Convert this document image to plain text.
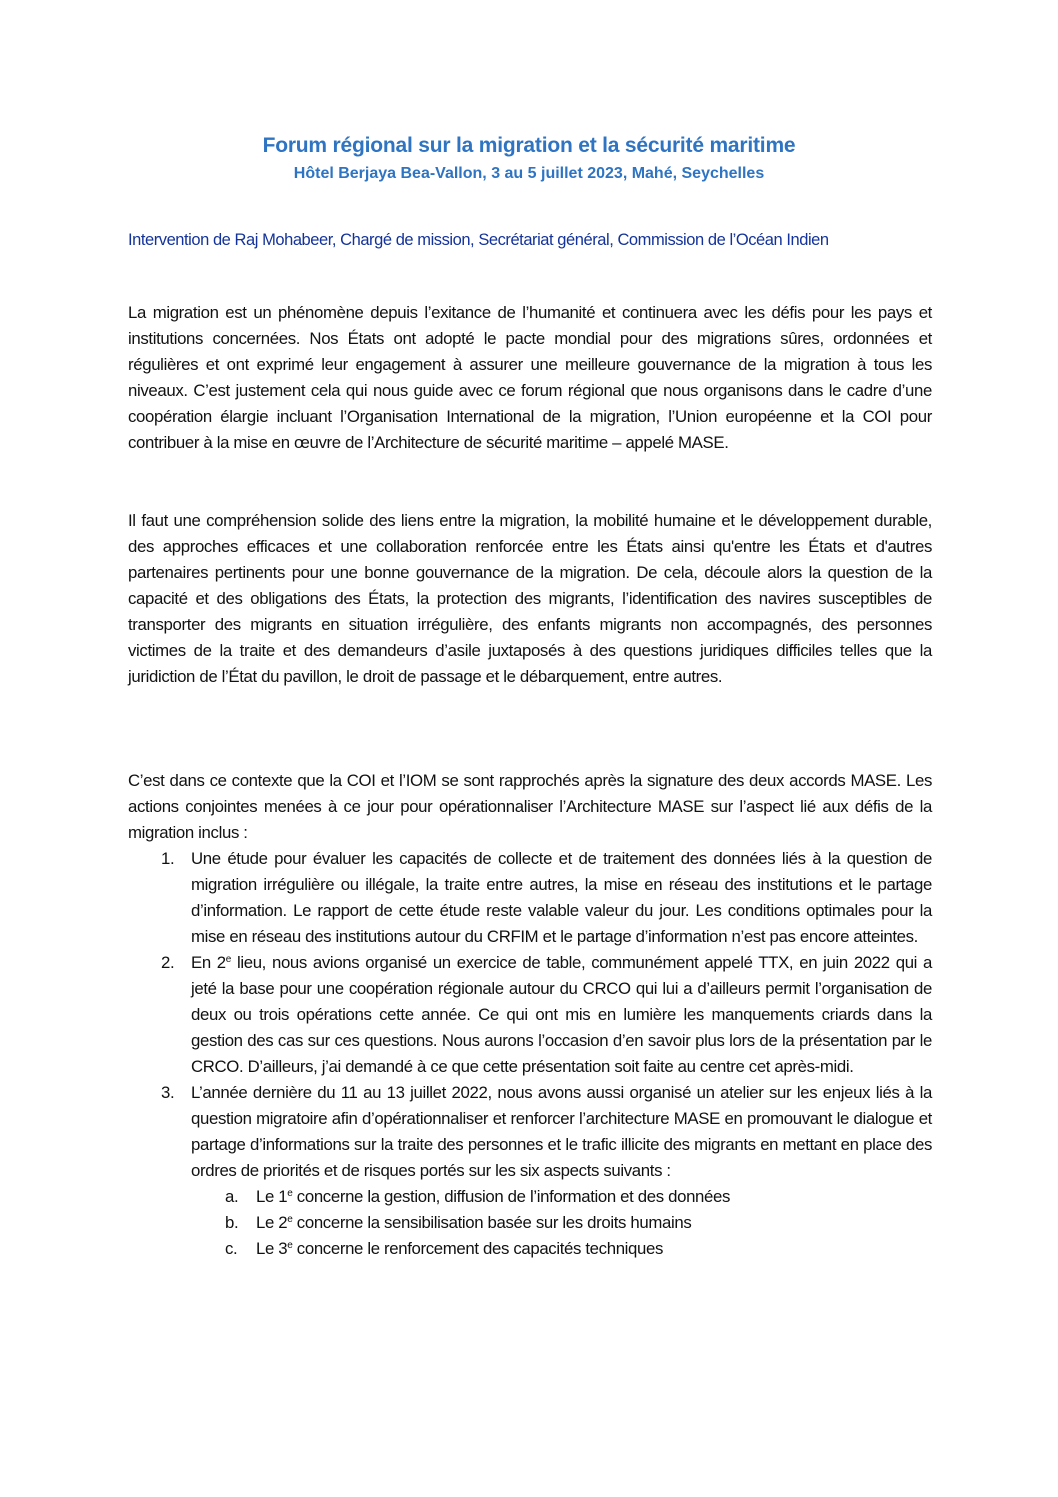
Forum régional sur la migration et la sécurité maritime
Hôtel Berjaya Bea-Vallon, 3 au 5 juillet 2023, Mahé, Seychelles
Intervention de Raj Mohabeer, Chargé de mission, Secrétariat général, Commission de l’Océan Indien

La migration est un phénomène depuis l’exitance de l’humanité et continuera avec les défis pour les pays et institutions concernées. Nos États ont adopté le pacte mondial pour des migrations sûres, ordonnées et régulières et ont exprimé leur engagement à assurer une meilleure gouvernance de la migration à tous les niveaux. C’est justement cela qui nous guide avec ce forum régional que nous organisons dans le cadre d’une coopération élargie incluant l’Organisation International de la migration, l’Union européenne et la COI pour contribuer à la mise en œuvre de l’Architecture de sécurité maritime – appelé MASE.

Il faut une compréhension solide des liens entre la migration, la mobilité humaine et le développement durable, des approches efficaces et une collaboration renforcée entre les États ainsi qu'entre les États et d'autres partenaires pertinents pour une bonne gouvernance de la migration. De cela, découle alors la question de la capacité et des obligations des États, la protection des migrants, l’identification des navires susceptibles de transporter des migrants en situation irrégulière, des enfants migrants non accompagnés, des personnes victimes de la traite et des demandeurs d’asile juxtaposés à des questions juridiques difficiles telles que la juridiction de l’État du pavillon, le droit de passage et le débarquement, entre autres.

C’est dans ce contexte que la COI et l’IOM se sont rapprochés après la signature des deux accords MASE. Les actions conjointes menées à ce jour pour opérationnaliser l’Architecture MASE sur l’aspect lié aux défis de la migration inclus :

1. Une étude pour évaluer les capacités de collecte et de traitement des données liés à la question de migration irrégulière ou illégale, la traite entre autres, la mise en réseau des institutions et le partage d’information. Le rapport de cette étude reste valable valeur du jour. Les conditions optimales pour la mise en réseau des institutions autour du CRFIM et le partage d’information n’est pas encore atteintes.
2. En 2e lieu, nous avions organisé un exercice de table, communément appelé TTX, en juin 2022 qui a jeté la base pour une coopération régionale autour du CRCO qui lui a d’ailleurs permit l’organisation de deux ou trois opérations cette année. Ce qui ont mis en lumière les manquements criards dans la gestion des cas sur ces questions. Nous aurons l’occasion d’en savoir plus lors de la présentation par le CRCO. D’ailleurs, j’ai demandé à ce que cette présentation soit faite au centre cet après-midi.
3. L’année dernière du 11 au 13 juillet 2022, nous avons aussi organisé un atelier sur les enjeux liés à la question migratoire afin d’opérationnaliser et renforcer l’architecture MASE en promouvant le dialogue et partage d’informations sur la traite des personnes et le trafic illicite des migrants en mettant en place des ordres de priorités et de risques portés sur les six aspects suivants :
a. Le 1e concerne la gestion, diffusion de l’information et des données
b. Le 2e concerne la sensibilisation basée sur les droits humains
c. Le 3e concerne le renforcement des capacités techniques
